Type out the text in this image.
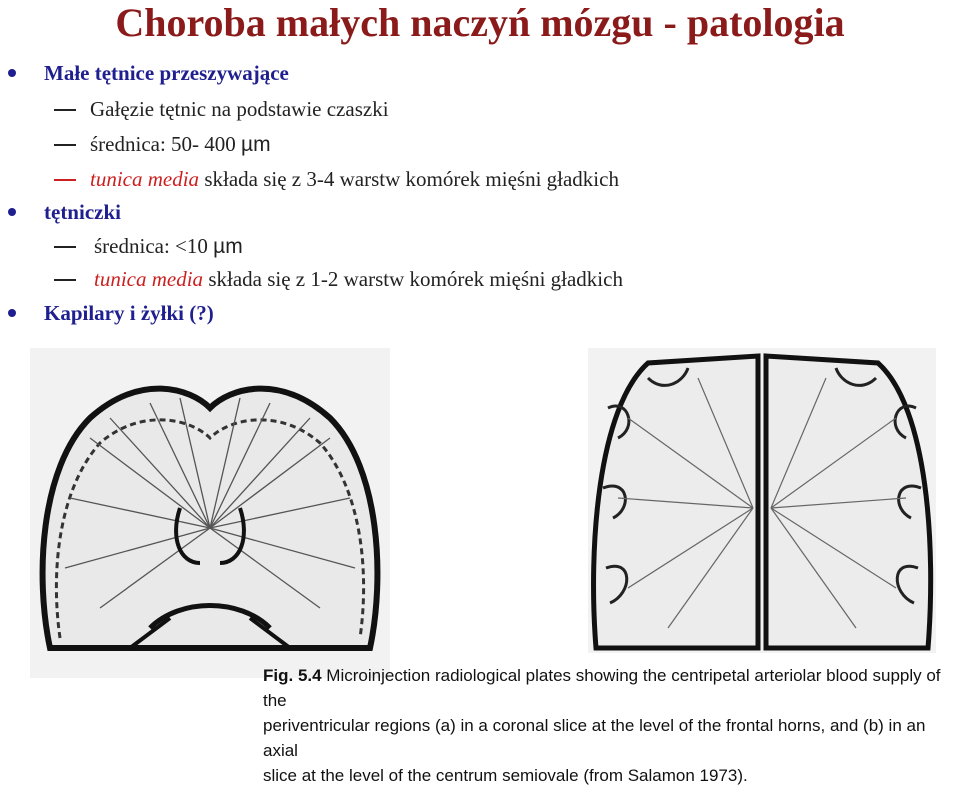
Choroba małych naczyń mózgu - patologia
Małe tętnice przeszywające
Gałęzie tętnic na podstawie czaszki
średnica: 50- 400 µm
tunica media składa się z 3-4 warstw komórek mięśni gładkich
tętniczki
średnica: <10 µm
tunica media składa się z 1-2 warstw komórek mięśni gładkich
Kapilary i żyłki (?)
Fig. 5.4 Microinjection radiological plates showing the centripetal arteriolar blood supply of the
periventricular regions (a) in a coronal slice at the level of the frontal horns, and (b) in an axial
slice at the level of the centrum semiovale (from Salamon 1973).
